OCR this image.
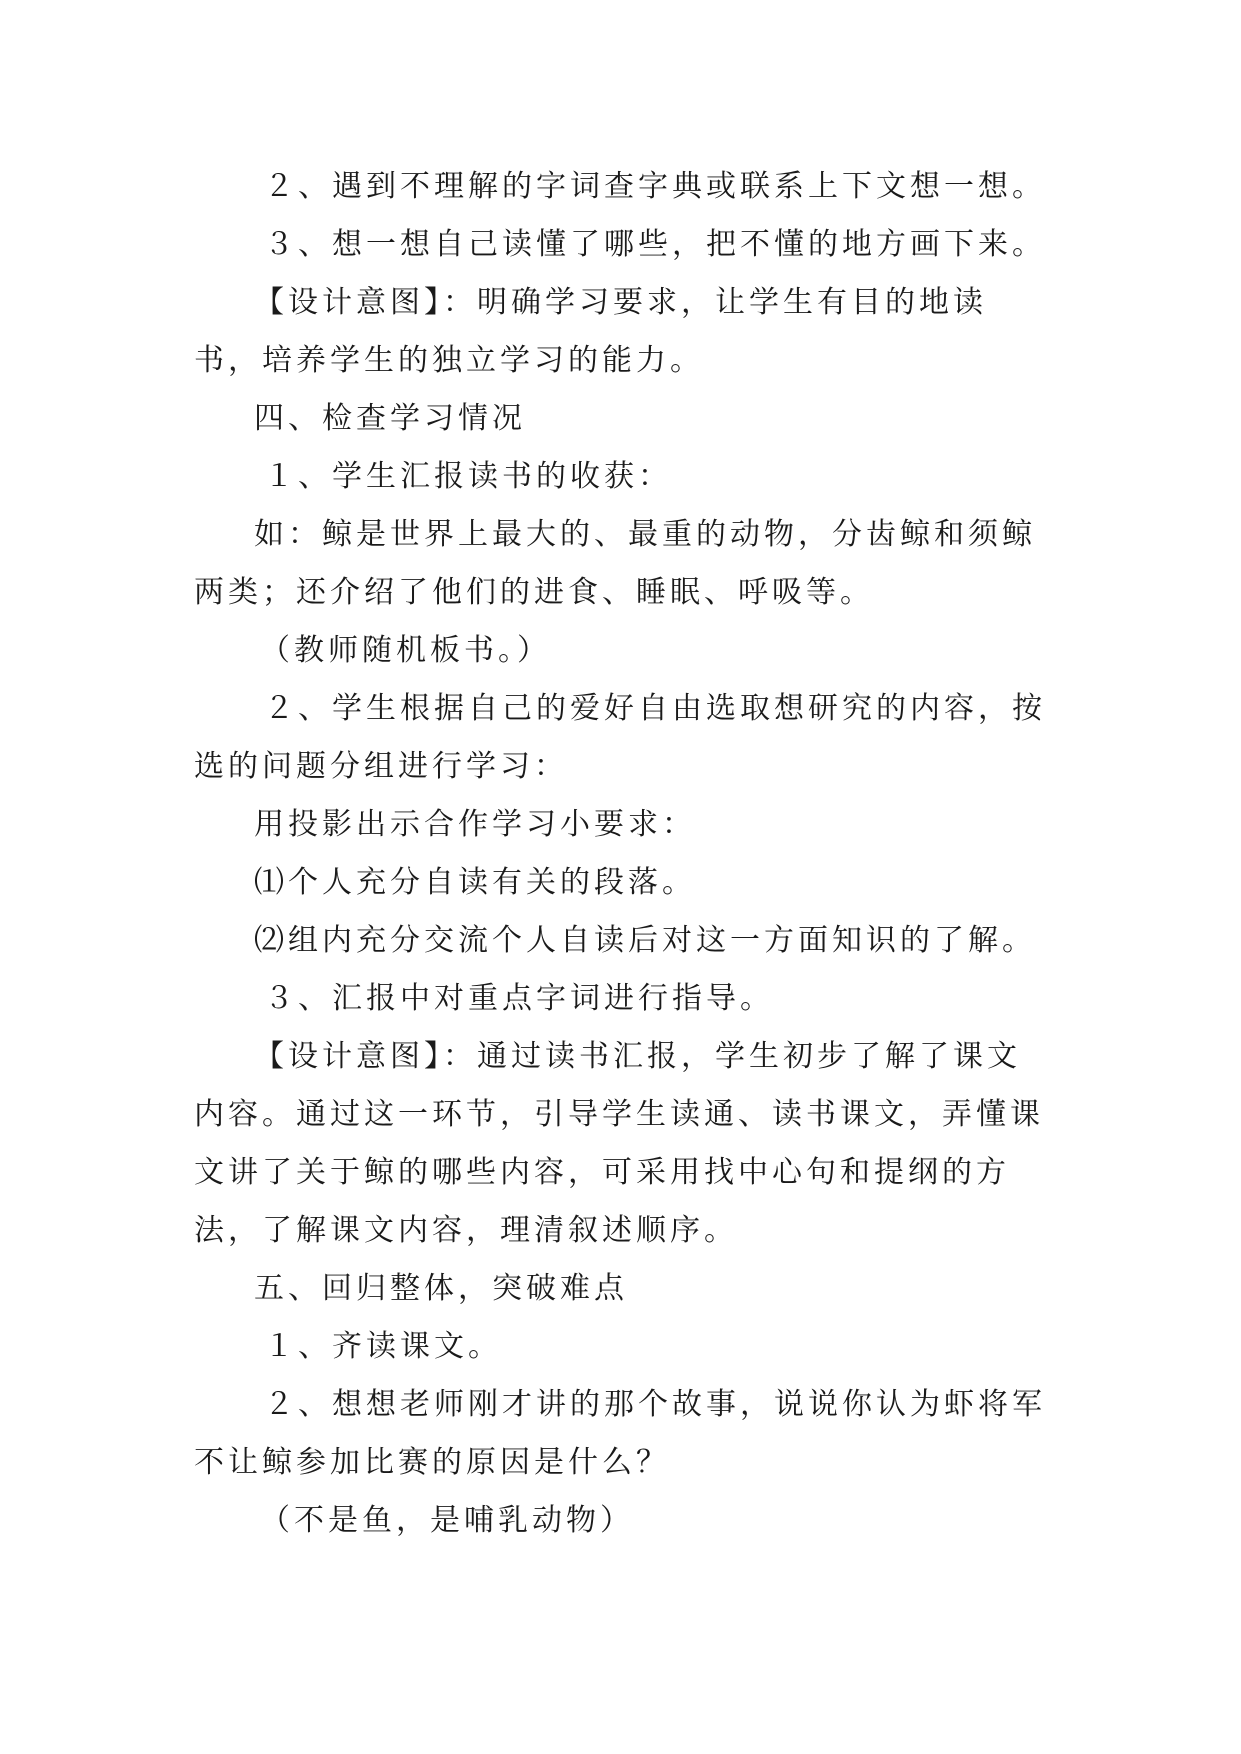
２、遇到不理解的字词查字典或联系上下文想一想。

３、想一想自己读懂了哪些，把不懂的地方画下来。

【设计意图】：明确学习要求，让学生有目的地读书，培养学生的独立学习的能力。

四、检查学习情况

１、学生汇报读书的收获：

如：鲸是世界上最大的、最重的动物，分齿鲸和须鲸两类；还介绍了他们的进食、睡眠、呼吸等。

（教师随机板书。）

２、学生根据自己的爱好自由选取想研究的内容，按选的问题分组进行学习：

用投影出示合作学习小要求：

⑴个人充分自读有关的段落。

⑵组内充分交流个人自读后对这一方面知识的了解。

３、汇报中对重点字词进行指导。

【设计意图】：通过读书汇报，学生初步了解了课文内容。通过这一环节，引导学生读通、读书课文，弄懂课文讲了关于鲸的哪些内容，可采用找中心句和提纲的方法，了解课文内容，理清叙述顺序。

五、回归整体，突破难点

１、齐读课文。

２、想想老师刚才讲的那个故事，说说你认为虾将军不让鲸参加比赛的原因是什么？

（不是鱼，是哺乳动物）
